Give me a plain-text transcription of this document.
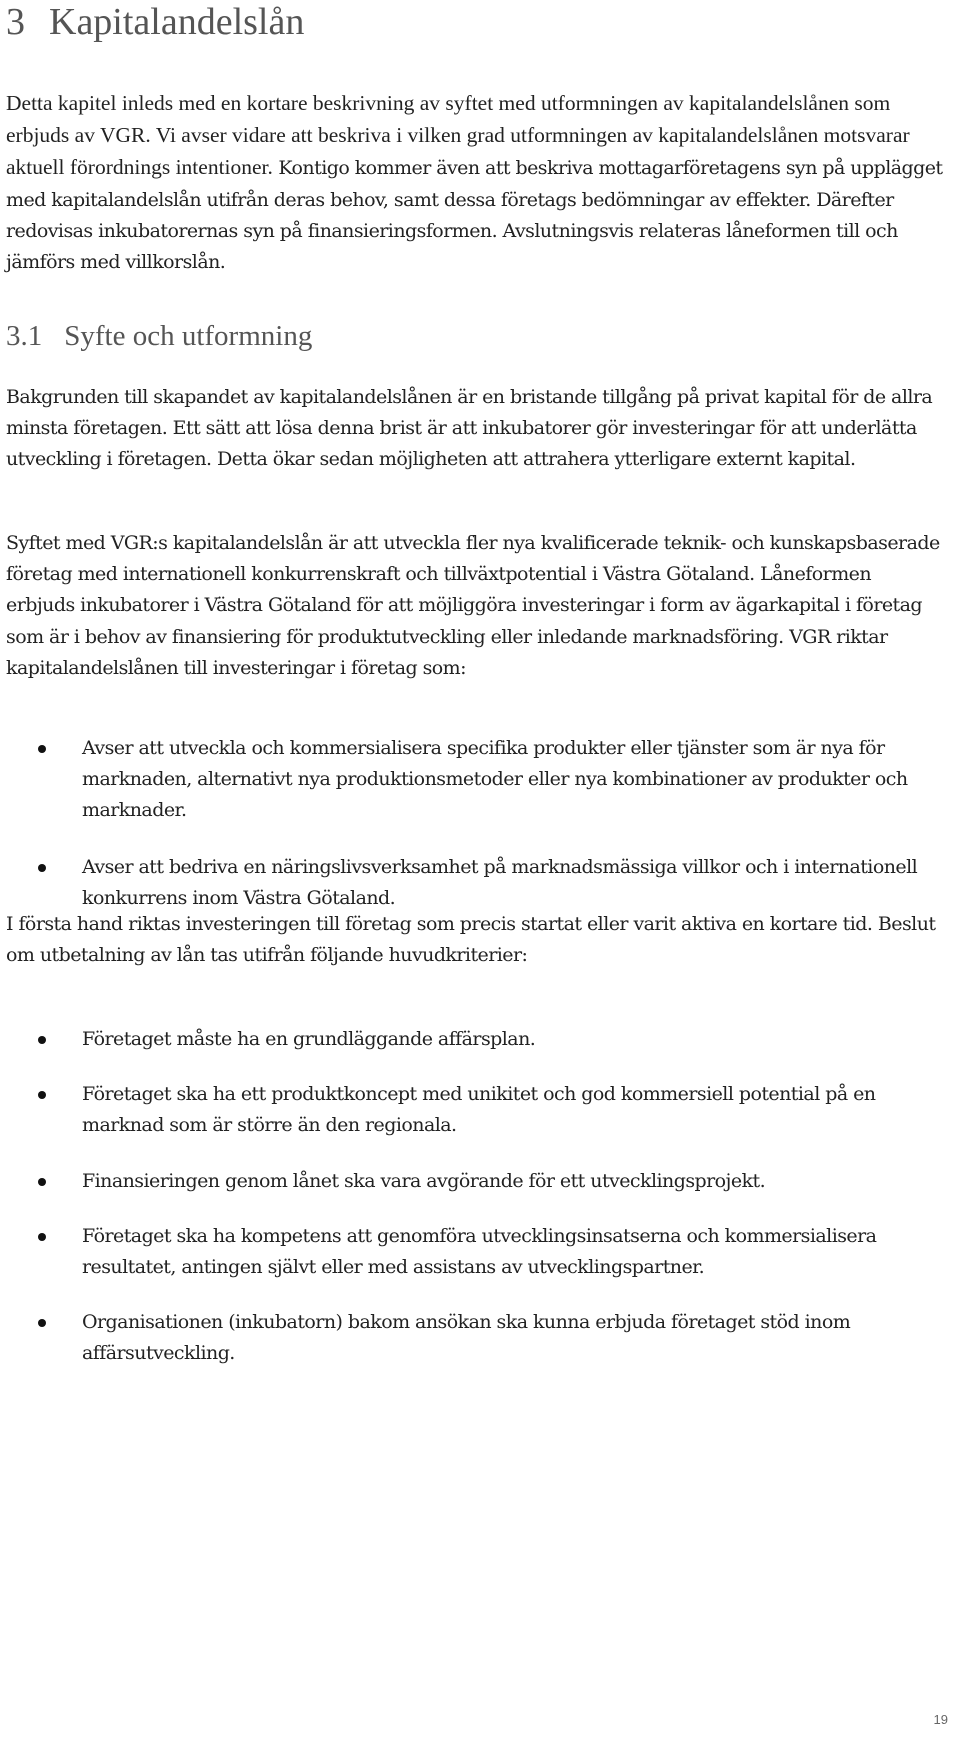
3 Kapitalandelslån
Detta kapitel inleds med en kortare beskrivning av syftet med utformningen av kapitalandelslånen som erbjuds av VGR. Vi avser vidare att beskriva i vilken grad utformningen av kapitalandelslånen motsvarar aktuell förordnings intentioner. Kontigo kommer även att beskriva mottagarföretagens syn på upplägget med kapitalandelslån utifrån deras behov, samt dessa företags bedömningar av effekter. Därefter redovisas inkubatorernas syn på finansieringsformen. Avslutningsvis relateras låneformen till och jämförs med villkorslån.
3.1 Syfte och utformning

Bakgrunden till skapandet av kapitalandelslånen är en bristande tillgång på privat kapital för de allra minsta företagen. Ett sätt att lösa denna brist är att inkubatorer gör investeringar för att underlätta utveckling i företagen. Detta ökar sedan möjligheten att attrahera ytterligare externt kapital.

Syftet med VGR:s kapitalandelslån är att utveckla fler nya kvalificerade teknik- och kunskapsbaserade företag med internationell konkurrenskraft och tillväxtpotential i Västra Götaland. Låneformen erbjuds inkubatorer i Västra Götaland för att möjliggöra investeringar i form av ägarkapital i företag som är i behov av finansiering för produktutveckling eller inledande marknadsföring. VGR riktar kapitalandelslånen till investeringar i företag som:

Avser att utveckla och kommersialisera specifika produkter eller tjänster som är nya för marknaden, alternativt nya produktionsmetoder eller nya kombinationer av produkter och marknader.
Avser att bedriva en näringslivsverksamhet på marknadsmässiga villkor och i internationell konkurrens inom Västra Götaland.

I första hand riktas investeringen till företag som precis startat eller varit aktiva en kortare tid. Beslut om utbetalning av lån tas utifrån följande huvudkriterier:

Företaget måste ha en grundläggande affärsplan.
Företaget ska ha ett produktkoncept med unikitet och god kommersiell potential på en marknad som är större än den regionala.
Finansieringen genom lånet ska vara avgörande för ett utvecklingsprojekt.
Företaget ska ha kompetens att genomföra utvecklingsinsatserna och kommersialisera resultatet, antingen självt eller med assistans av utvecklingspartner.
Organisationen (inkubatorn) bakom ansökan ska kunna erbjuda företaget stöd inom affärsutveckling.
19
